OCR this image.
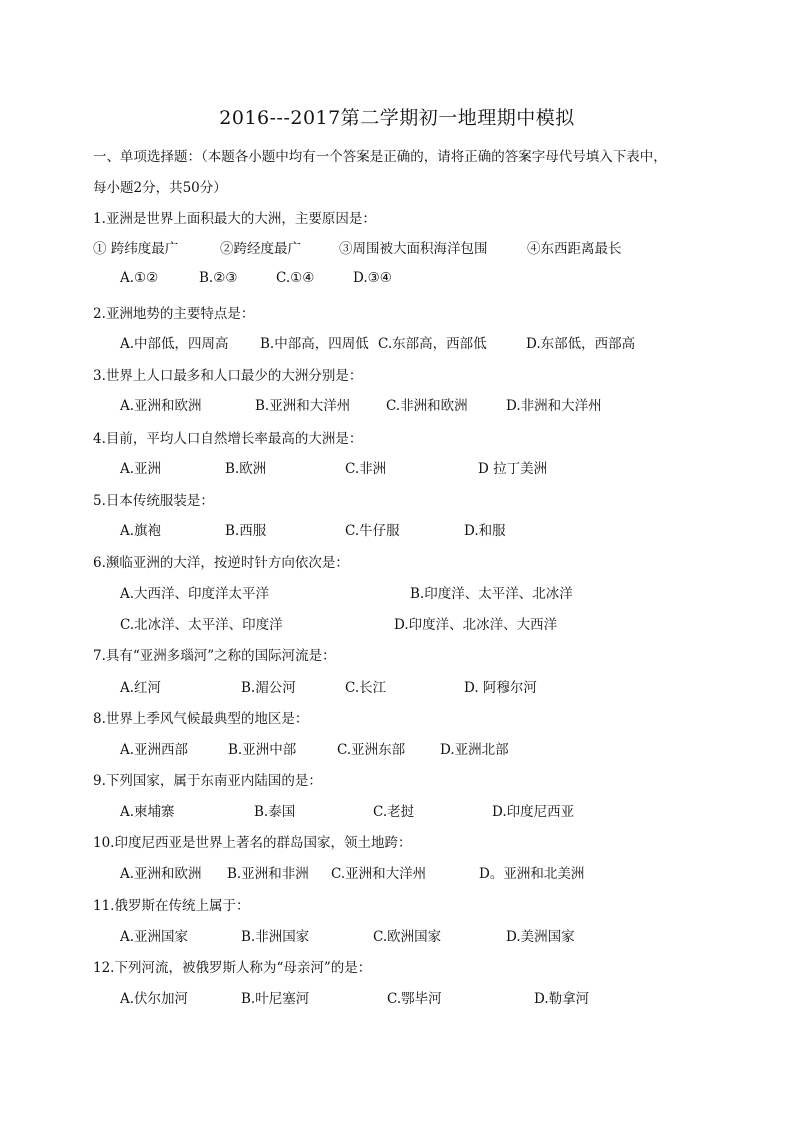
2016---2017第二学期初一地理期中模拟
一、单项选择题：（本题各小题中均有一个答案是正确的，请将正确的答案字母代号填入下表中，
每小题2分，共50分）
1.亚洲是世界上面积最大的大洲，主要原因是：
① 跨纬度最广	②跨经度最广	③周围被大面积海洋包围	④东西距离最长
A.①②	B.②③	C.①④	D.③④
2.亚洲地势的主要特点是：
A.中部低，四周高 B.中部高，四周低 C.东部高，西部低	D.东部低，西部高
3.世界上人口最多和人口最少的大洲分别是：
A.亚洲和欧洲	B.亚洲和大洋州	C.非洲和欧洲	D.非洲和大洋州
4.目前，平均人口自然增长率最高的大洲是：
A.亚洲	B.欧洲	C.非洲	D 拉丁美洲
5.日本传统服装是：
A.旗袍	B.西服	C.牛仔服	D.和服
6.濒临亚洲的大洋，按逆时针方向依次是：
A.大西洋、印度洋太平洋	B.印度洋、太平洋、北冰洋
C.北冰洋、太平洋、印度洋	D.印度洋、北冰洋、大西洋
7.具有“亚洲多瑙河”之称的国际河流是：
A.红河	B.湄公河	C.长江	D. 阿穆尔河
8.世界上季风气候最典型的地区是：
A.亚洲西部	B.亚洲中部	C.亚洲东部	D.亚洲北部
9.下列国家，属于东南亚内陆国的是：
A.柬埔寨	B.泰国	C.老挝	D.印度尼西亚
10.印度尼西亚是世界上著名的群岛国家，领土地跨：
A.亚洲和欧洲 B.亚洲和非洲 C.亚洲和大洋州	D。亚洲和北美洲
11.俄罗斯在传统上属于：
A.亚洲国家	B.非洲国家	C.欧洲国家	D.美洲国家
12.下列河流，被俄罗斯人称为“母亲河”的是：
A.伏尔加河	B.叶尼塞河	C.鄂毕河	D.勒拿河
